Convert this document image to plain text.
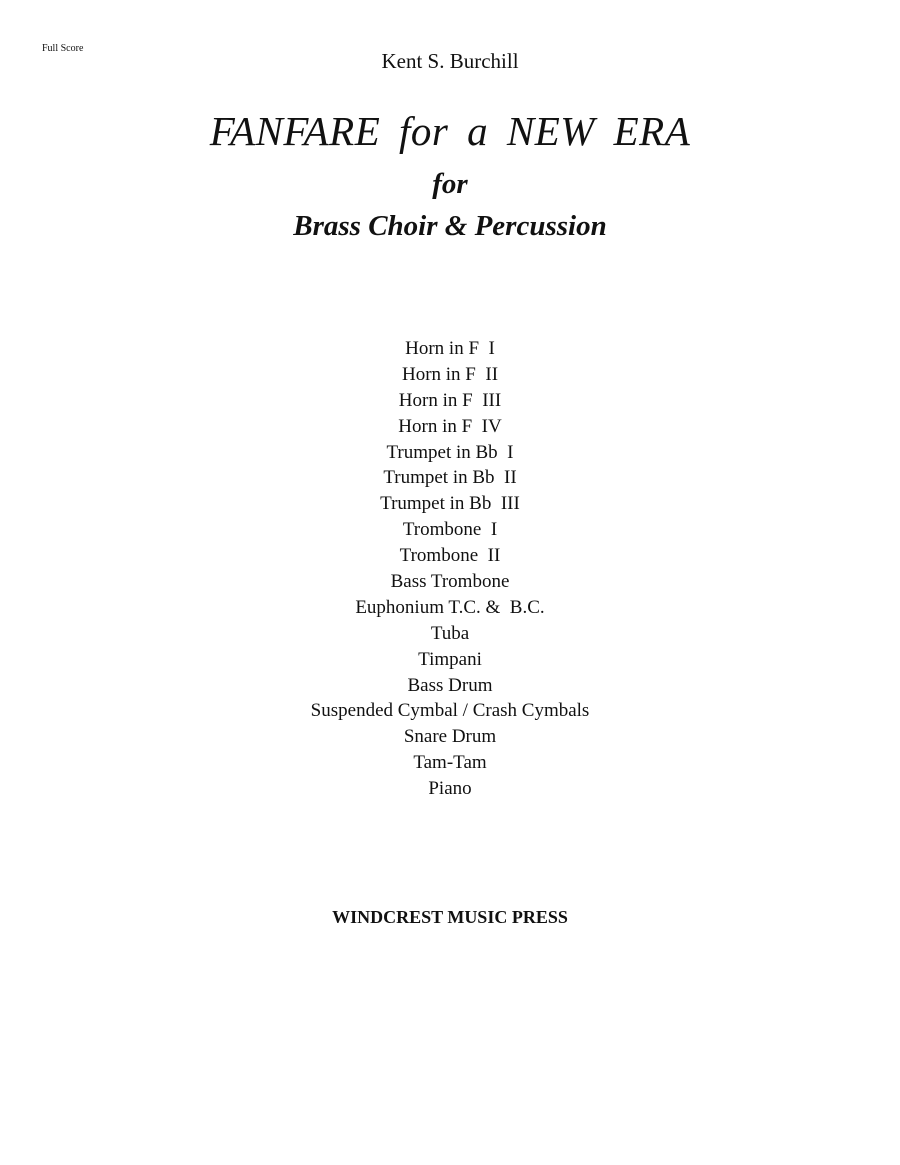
Full Score
Kent S. Burchill
FANFARE for a NEW ERA
for
Brass Choir & Percussion
Horn in F  I
Horn in F  II
Horn in F  III
Horn in F  IV
Trumpet in Bb  I
Trumpet in Bb  II
Trumpet in Bb  III
Trombone  I
Trombone  II
Bass Trombone
Euphonium T.C. &  B.C.
Tuba
Timpani
Bass Drum
Suspended Cymbal / Crash Cymbals
Snare Drum
Tam-Tam
Piano
WINDCREST MUSIC PRESS
